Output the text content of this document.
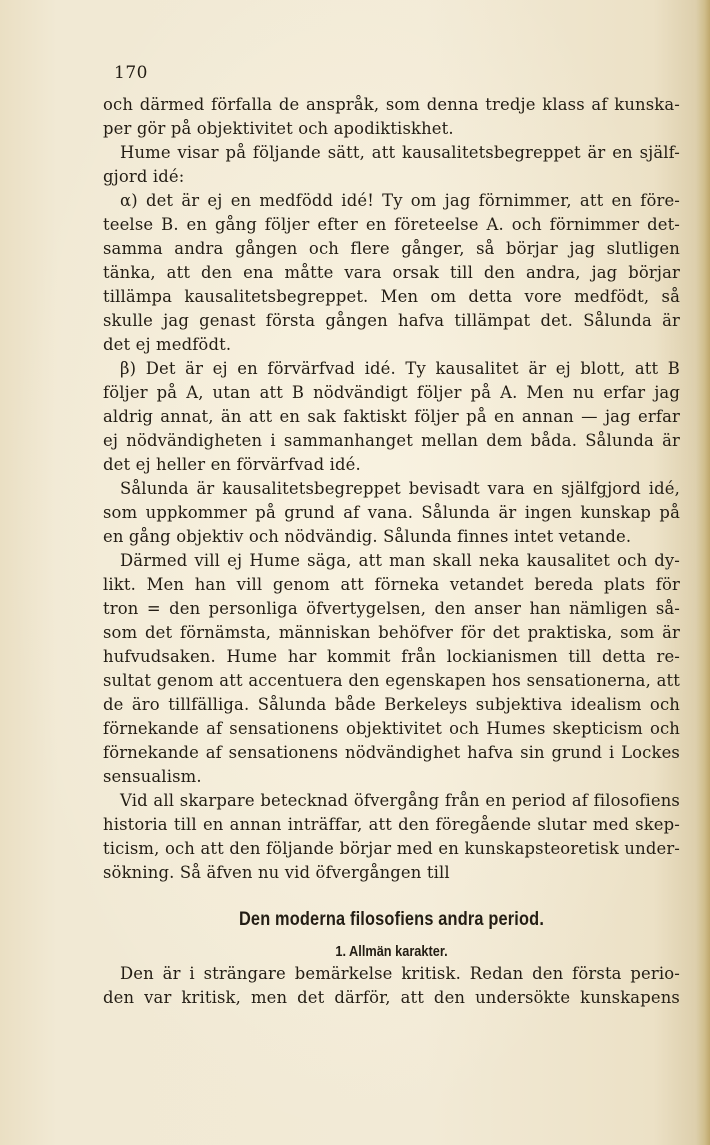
170
och därmed förfalla de anspråk, som denna tredje klass af kunska-
per gör på objektivitet och apodiktiskhet.
Hume visar på följande sätt, att kausalitetsbegreppet är en själf-
gjord idé:
α) det är ej en medfödd idé! Ty om jag förnimmer, att en före-
teelse B. en gång följer efter en företeelse A. och förnimmer det-
samma andra gången och flere gånger, så börjar jag slutligen
tänka, att den ena måtte vara orsak till den andra, jag börjar
tillämpa kausalitetsbegreppet. Men om detta vore medfödt, så
skulle jag genast första gången hafva tillämpat det. Sålunda är
det ej medfödt.
β) Det är ej en förvärfvad idé. Ty kausalitet är ej blott, att B
följer på A, utan att B nödvändigt följer på A. Men nu erfar jag
aldrig annat, än att en sak faktiskt följer på en annan — jag erfar
ej nödvändigheten i sammanhanget mellan dem båda. Sålunda är
det ej heller en förvärfvad idé.
Sålunda är kausalitetsbegreppet bevisadt vara en själfgjord idé,
som uppkommer på grund af vana. Sålunda är ingen kunskap på
en gång objektiv och nödvändig. Sålunda finnes intet vetande.
Därmed vill ej Hume säga, att man skall neka kausalitet och dy-
likt. Men han vill genom att förneka vetandet bereda plats för
tron = den personliga öfvertygelsen, den anser han nämligen så-
som det förnämsta, människan behöfver för det praktiska, som är
hufvudsaken. Hume har kommit från lockianismen till detta re-
sultat genom att accentuera den egenskapen hos sensationerna, att
de äro tillfälliga. Sålunda både Berkeleys subjektiva idealism och
förnekande af sensationens objektivitet och Humes skepticism och
förnekande af sensationens nödvändighet hafva sin grund i Lockes
sensualism.
Vid all skarpare betecknad öfvergång från en period af filosofiens
historia till en annan inträffar, att den föregående slutar med skep-
ticism, och att den följande börjar med en kunskapsteoretisk under-
sökning. Så äfven nu vid öfvergången till
Den moderna filosofiens andra period.
1. Allmän karakter.
Den är i strängare bemärkelse kritisk. Redan den första perio-
den var kritisk, men det därför, att den undersökte kunskapens
